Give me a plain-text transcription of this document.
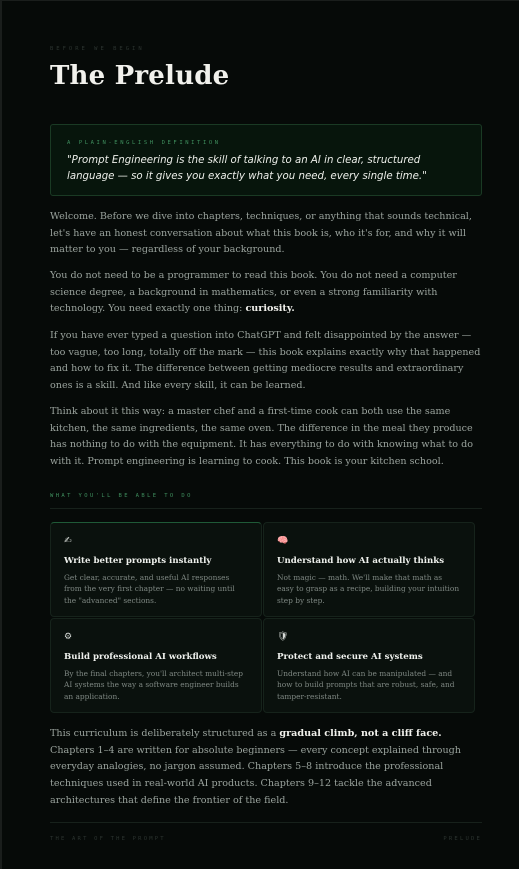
BEFORE WE BEGIN
The Prelude
A PLAIN-ENGLISH DEFINITION
"Prompt Engineering is the skill of talking to an AI in clear, structured language — so it gives you exactly what you need, every single time."
Welcome. Before we dive into chapters, techniques, or anything that sounds technical, let's have an honest conversation about what this book is, who it's for, and why it will matter to you — regardless of your background.
You do not need to be a programmer to read this book. You do not need a computer science degree, a background in mathematics, or even a strong familiarity with technology. You need exactly one thing: curiosity.
If you have ever typed a question into ChatGPT and felt disappointed by the answer — too vague, too long, totally off the mark — this book explains exactly why that happened and how to fix it. The difference between getting mediocre results and extraordinary ones is a skill. And like every skill, it can be learned.
Think about it this way: a master chef and a first-time cook can both use the same kitchen, the same ingredients, the same oven. The difference in the meal they produce has nothing to do with the equipment. It has everything to do with knowing what to do with it. Prompt engineering is learning to cook. This book is your kitchen school.
WHAT YOU'LL BE ABLE TO DO
✍
Write better prompts instantly
Get clear, accurate, and useful AI responses from the very first chapter — no waiting until the "advanced" sections.
🧠
Understand how AI actually thinks
Not magic — math. We'll make that math as easy to grasp as a recipe, building your intuition step by step.
⚙
Build professional AI workflows
By the final chapters, you'll architect multi-step AI systems the way a software engineer builds an application.
🛡
Protect and secure AI systems
Understand how AI can be manipulated — and how to build prompts that are robust, safe, and tamper-resistant.
This curriculum is deliberately structured as a gradual climb, not a cliff face. Chapters 1–4 are written for absolute beginners — every concept explained through everyday analogies, no jargon assumed. Chapters 5–8 introduce the professional techniques used in real-world AI products. Chapters 9–12 tackle the advanced architectures that define the frontier of the field.
THE ART OF THE PROMPT	PRELUDE
